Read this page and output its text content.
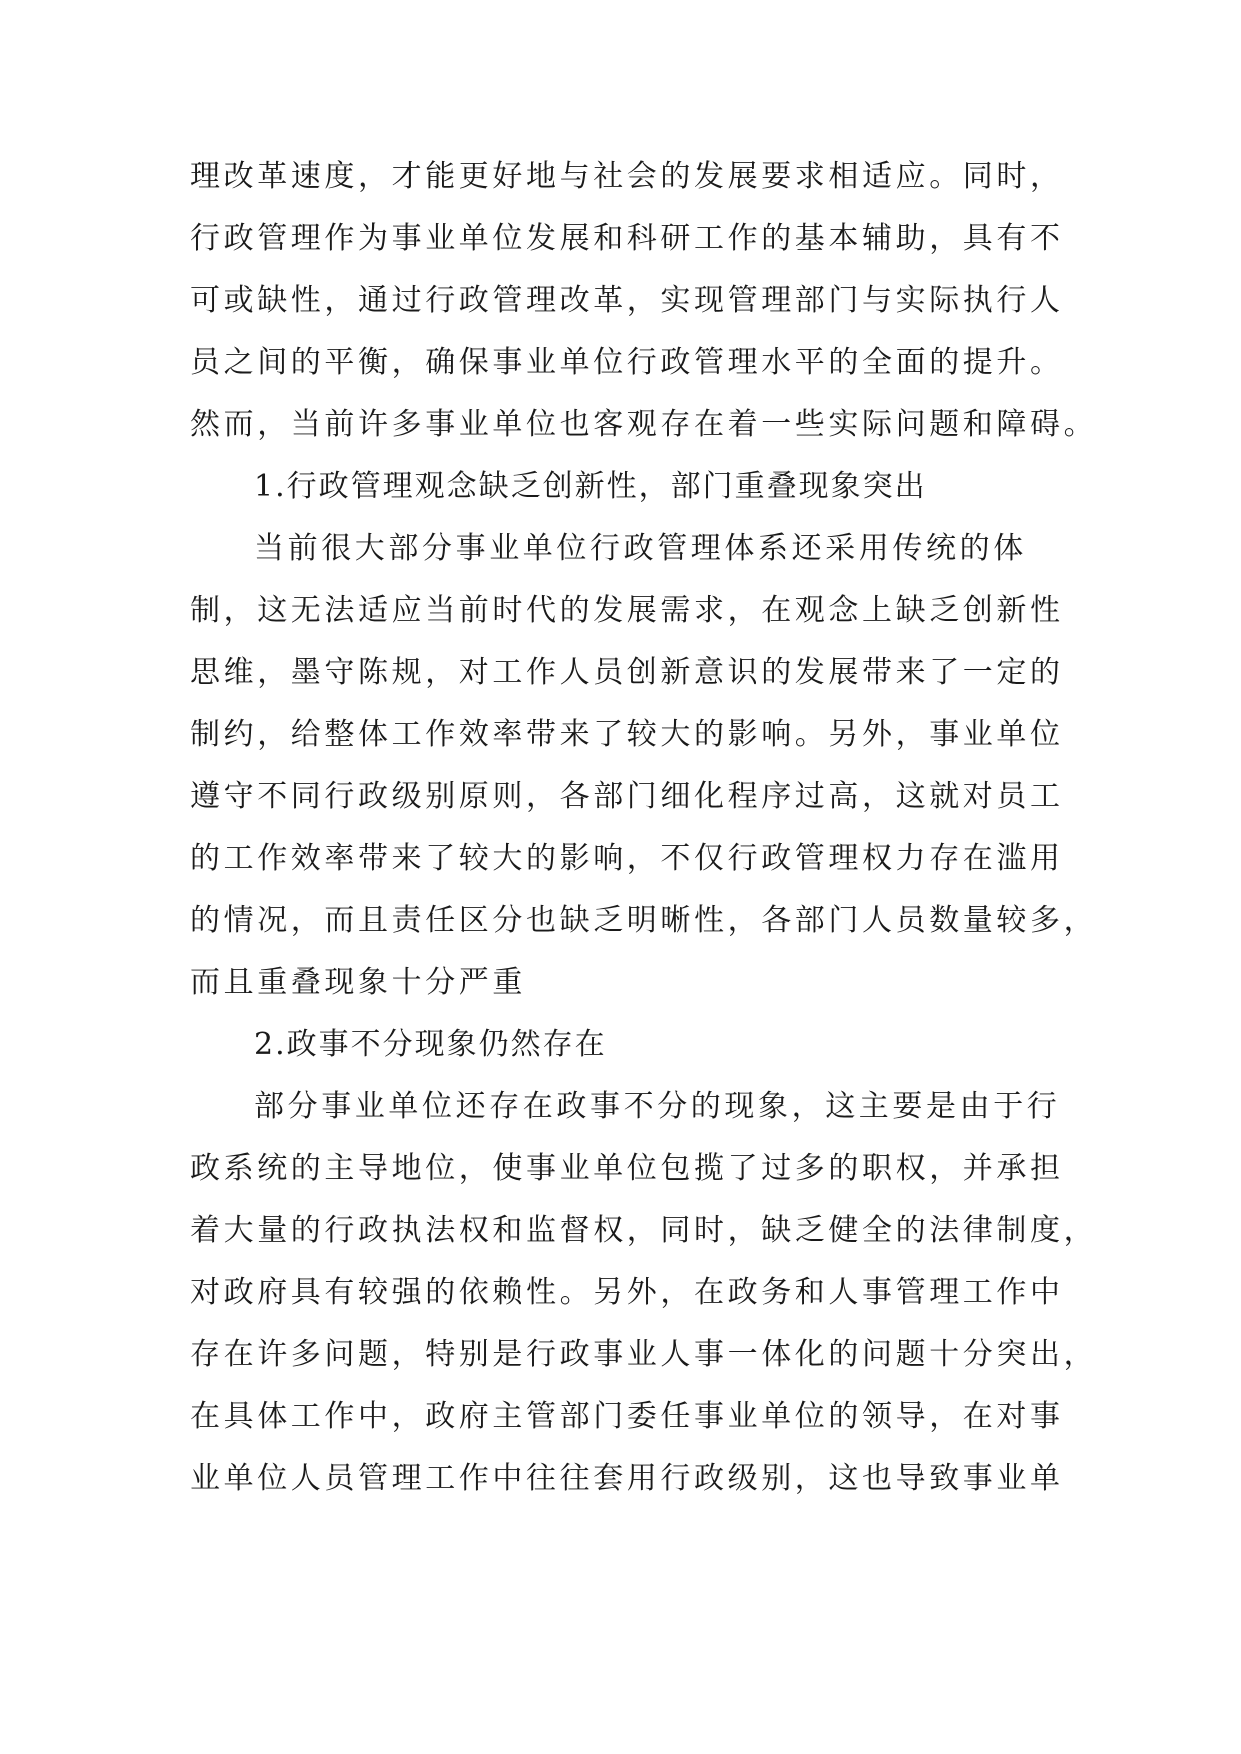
理改革速度，才能更好地与社会的发展要求相适应。同时，
行政管理作为事业单位发展和科研工作的基本辅助，具有不
可或缺性，通过行政管理改革，实现管理部门与实际执行人
员之间的平衡，确保事业单位行政管理水平的全面的提升。
然而，当前许多事业单位也客观存在着一些实际问题和障碍。
1.行政管理观念缺乏创新性，部门重叠现象突出
当前很大部分事业单位行政管理体系还采用传统的体
制，这无法适应当前时代的发展需求，在观念上缺乏创新性
思维，墨守陈规，对工作人员创新意识的发展带来了一定的
制约，给整体工作效率带来了较大的影响。另外，事业单位
遵守不同行政级别原则，各部门细化程序过高，这就对员工
的工作效率带来了较大的影响，不仅行政管理权力存在滥用
的情况，而且责任区分也缺乏明晰性，各部门人员数量较多，
而且重叠现象十分严重
2.政事不分现象仍然存在
部分事业单位还存在政事不分的现象，这主要是由于行
政系统的主导地位，使事业单位包揽了过多的职权，并承担
着大量的行政执法权和监督权，同时，缺乏健全的法律制度，
对政府具有较强的依赖性。另外，在政务和人事管理工作中
存在许多问题，特别是行政事业人事一体化的问题十分突出，
在具体工作中，政府主管部门委任事业单位的领导，在对事
业单位人员管理工作中往往套用行政级别，这也导致事业单
